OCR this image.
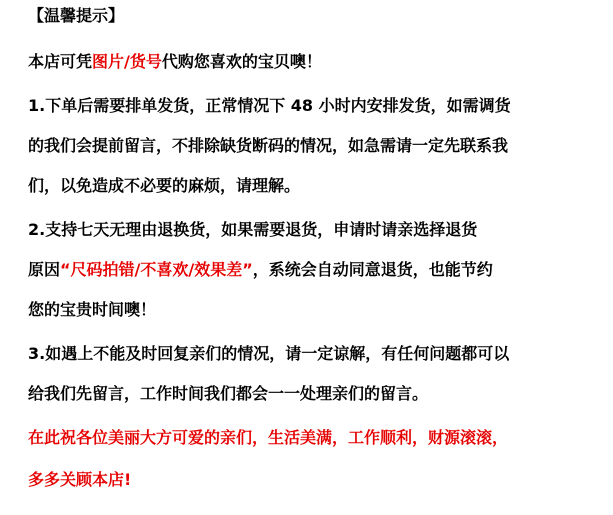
【温馨提示】
本店可凭图片/货号代购您喜欢的宝贝噢！
1.下单后需要排单发货，正常情况下 48 小时内安排发货，如需调货
的我们会提前留言，不排除缺货断码的情况，如急需请一定先联系我
们，以免造成不必要的麻烦，请理解。
2.支持七天无理由退换货，如果需要退货，申请时请亲选择退货
原因“尺码拍错/不喜欢/效果差”，系统会自动同意退货，也能节约
您的宝贵时间噢！
3.如遇上不能及时回复亲们的情况，请一定谅解，有任何问题都可以
给我们先留言，工作时间我们都会一一处理亲们的留言。
在此祝各位美丽大方可爱的亲们，生活美满，工作顺利，财源滚滚，
多多关顾本店!
